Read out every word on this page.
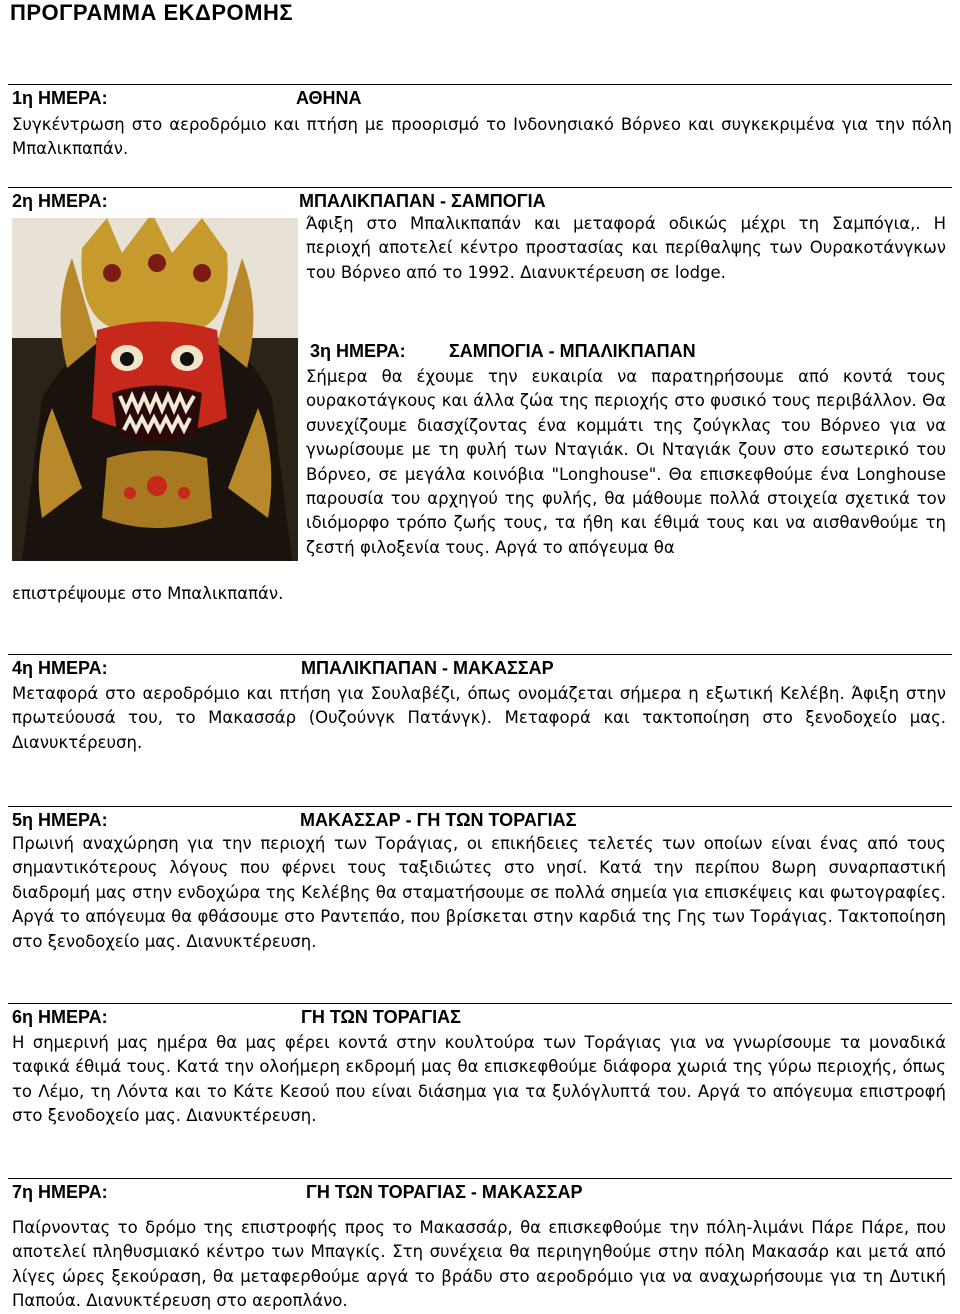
ΠΡΟΓΡΑΜΜΑ ΕΚΔΡΟΜΗΣ
1η ΗΜΕΡΑ:	ΑΘΗΝΑ

Συγκέντρωση στο αεροδρόμιο και πτήση με προορισμό το Ινδονησιακό Βόρνεο και συγκεκριμένα για την πόλη Μπαλικπαπάν.

2η ΗΜΕΡΑ:	ΜΠΑΛΙΚΠΑΠΑΝ - ΣΑΜΠΟΓΙΑ

Άφιξη στο Μπαλικπαπάν και μεταφορά οδικώς μέχρι τη Σαμπόγια,. Η περιοχή αποτελεί κέντρο προστασίας και περίθαλψης των Ουρακοτάνγκων του Βόρνεο από το 1992. Διανυκτέρευση σε lodge.

3η ΗΜΕΡΑ: ΣΑΜΠΟΓΙΑ - ΜΠΑΛΙΚΠΑΠΑΝ

Σήμερα θα έχουμε την ευκαιρία να παρατηρήσουμε από κοντά τους ουρακοτάγκους και άλλα ζώα της περιοχής στο φυσικό τους περιβάλλον. Θα συνεχίζουμε διασχίζοντας ένα κομμάτι της ζούγκλας του Βόρνεο για να γνωρίσουμε με τη φυλή των Νταγιάκ. Οι Νταγιάκ ζουν στο εσωτερικό του Βόρνεο, σε μεγάλα κοινόβια "Longhouse". Θα επισκεφθούμε ένα Longhouse παρουσία του αρχηγού της φυλής, θα μάθουμε πολλά στοιχεία σχετικά τον ιδιόμορφο τρόπο ζωής τους, τα ήθη και έθιμά τους και να αισθανθούμε τη ζεστή φιλοξενία τους. Αργά το απόγευμα θα

επιστρέψουμε στο Μπαλικπαπάν.

4η ΗΜΕΡΑ:	ΜΠΑΛΙΚΠΑΠΑΝ - ΜΑΚΑΣΣΑΡ

Μεταφορά στο αεροδρόμιο και πτήση για Σουλαβέζι, όπως ονομάζεται σήμερα η εξωτική Κελέβη. Άφιξη στην πρωτεύουσά του, το Μακασσάρ (Ουζούνγκ Πατάνγκ). Μεταφορά και τακτοποίηση στο ξενοδοχείο μας. Διανυκτέρευση.

5η ΗΜΕΡΑ:	ΜΑΚΑΣΣΑΡ - ΓΗ ΤΩΝ ΤΟΡΑΓΙΑΣ

Πρωινή αναχώρηση για την περιοχή των Τοράγιας, οι επικήδειες τελετές των οποίων είναι ένας από τους σημαντικότερους λόγους που φέρνει τους ταξιδιώτες στο νησί. Κατά την περίπου 8ωρη συναρπαστική διαδρομή μας στην ενδοχώρα της Κελέβης θα σταματήσουμε σε πολλά σημεία για επισκέψεις και φωτογραφίες. Αργά το απόγευμα θα φθάσουμε στο Ραντεπάο, που βρίσκεται στην καρδιά της Γης των Τοράγιας. Τακτοποίηση στο ξενοδοχείο μας. Διανυκτέρευση.

6η ΗΜΕΡΑ:	ΓΗ ΤΩΝ ΤΟΡΑΓΙΑΣ

Η σημερινή μας ημέρα θα μας φέρει κοντά στην κουλτούρα των Τοράγιας για να γνωρίσουμε τα μοναδικά ταφικά έθιμά τους. Κατά την ολοήμερη εκδρομή μας θα επισκεφθούμε διάφορα χωριά της γύρω περιοχής, όπως το Λέμο, τη Λόντα και το Κάτε Κεσού που είναι διάσημα για τα ξυλόγλυπτά του. Αργά το απόγευμα επιστροφή στο ξενοδοχείο μας. Διανυκτέρευση.

7η ΗΜΕΡΑ:	ΓΗ ΤΩΝ ΤΟΡΑΓΙΑΣ - ΜΑΚΑΣΣΑΡ

Παίρνοντας το δρόμο της επιστροφής προς το Μακασσάρ, θα επισκεφθούμε την πόλη-λιμάνι Πάρε Πάρε, που αποτελεί πληθυσμιακό κέντρο των Μπαγκίς. Στη συνέχεια θα περιηγηθούμε στην πόλη Μακασάρ και μετά από λίγες ώρες ξεκούραση, θα μεταφερθούμε αργά το βράδυ στο αεροδρόμιο για να αναχωρήσουμε για τη Δυτική Παπούα. Διανυκτέρευση στο αεροπλάνο.
